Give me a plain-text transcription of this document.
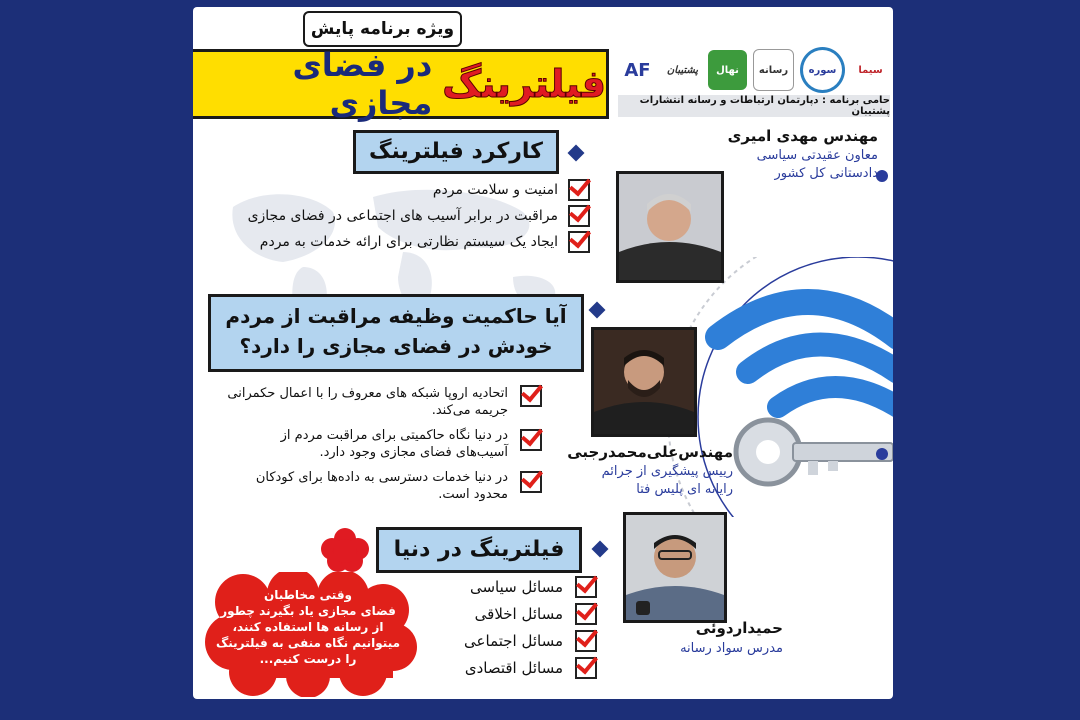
ویژه برنامه پایش
فیلترینگ
در فضای مجازی
AF	پشتیبان	نهال	رسانه	سوره	سیما
حامی برنامه : دپارتمان ارتباطات و رسانه انتشارات پشتیبان
کارکرد فیلترینگ
امنیت و سلامت مردم
مراقبت در برابر آسیب های اجتماعی در فضای مجازی
ایجاد یک سیستم نظارتی برای ارائه خدمات به مردم
آیا حاکمیت وظیفه مراقبت از مردم
خودش در فضای مجازی را دارد؟
اتحادیه اروپا شبکه های معروف را با اعمال حکمرانی
جریمه می‌کند.
در دنیا نگاه حاکمیتی برای مراقبت مردم از
آسیب‌های فضای مجازی وجود دارد.
در دنیا خدمات دسترسی به داده‌ها برای کودکان
محدود است.
فیلترینگ در دنیا
مسائل سیاسی
مسائل اخلاقی
مسائل اجتماعی
مسائل اقتصادی
وقتی مخاطبان
فضای مجازی یاد بگیرند چطور
از رسانه ها استفاده کنند،
میتوانیم نگاه منفی به فیلترینگ
را درست کنیم...
مهندس مهدی امیری
معاون عقیدتی سیاسی
دادستانی کل کشور
مهندس‌علی‌محمد‌رجبی
رییس پیشگیری از جرائم
رایانه ای پلیس فتا
حمیداردوئی
مدرس سواد رسانه
